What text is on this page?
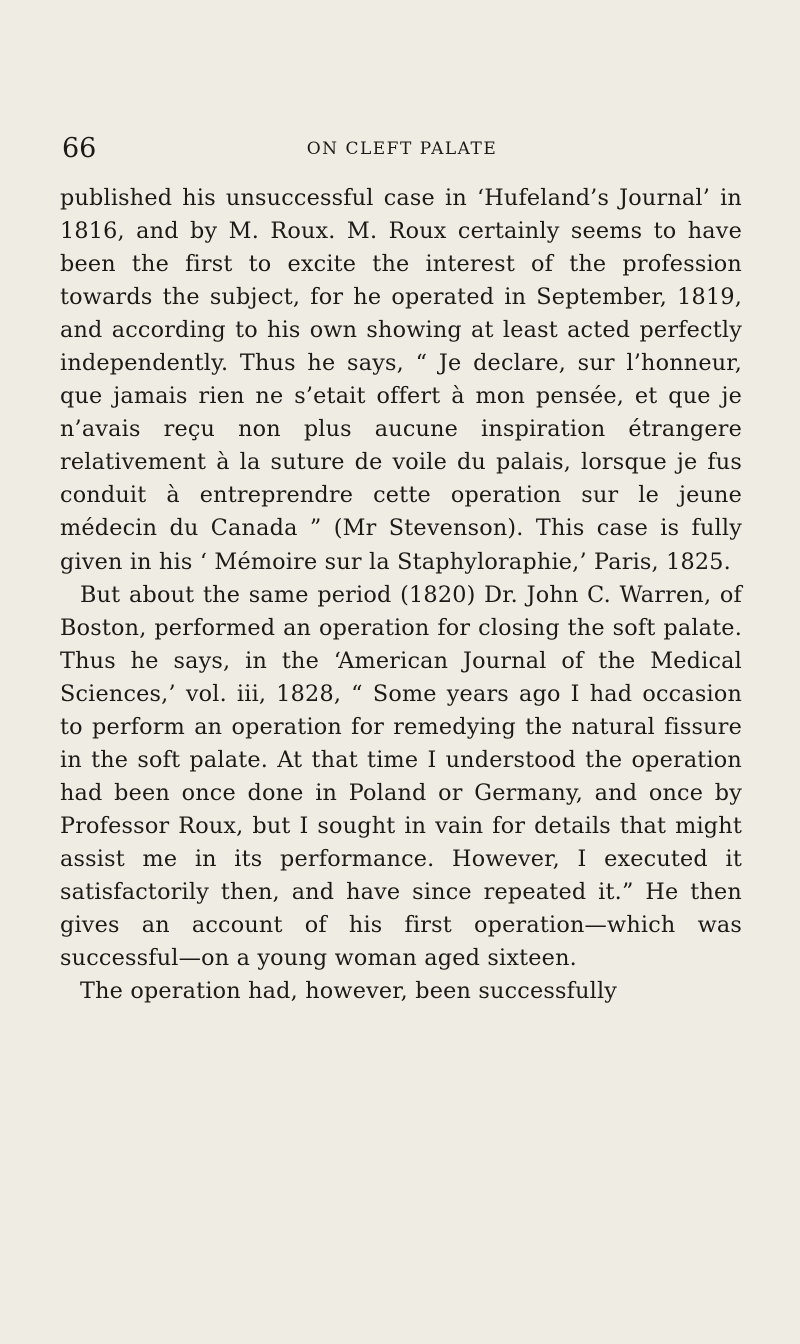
66	ON CLEFT PALATE

published his unsuccessful case in ‘Hufeland’s Journal’ in 1816, and by M. Roux. M. Roux certainly seems to have been the first to excite the interest of the profession towards the subject, for he operated in September, 1819, and according to his own showing at least acted perfectly independently. Thus he says, “ Je declare, sur l’honneur, que jamais rien ne s’etait offert à mon pensée, et que je n’avais reçu non plus aucune inspiration étrangere relativement à la suture de voile du palais, lorsque je fus conduit à entreprendre cette operation sur le jeune médecin du Canada ” (Mr Stevenson). This case is fully given in his ‘ Mémoire sur la Staphyloraphie,’ Paris, 1825.

But about the same period (1820) Dr. John C. Warren, of Boston, performed an operation for closing the soft palate. Thus he says, in the ‘American Journal of the Medical Sciences,’ vol. iii, 1828, “ Some years ago I had occasion to perform an operation for remedying the natural fissure in the soft palate. At that time I understood the operation had been once done in Poland or Germany, and once by Professor Roux, but I sought in vain for details that might assist me in its performance. However, I executed it satisfactorily then, and have since repeated it.” He then gives an account of his first operation—which was successful—on a young woman aged sixteen.

The operation had, however, been successfully
